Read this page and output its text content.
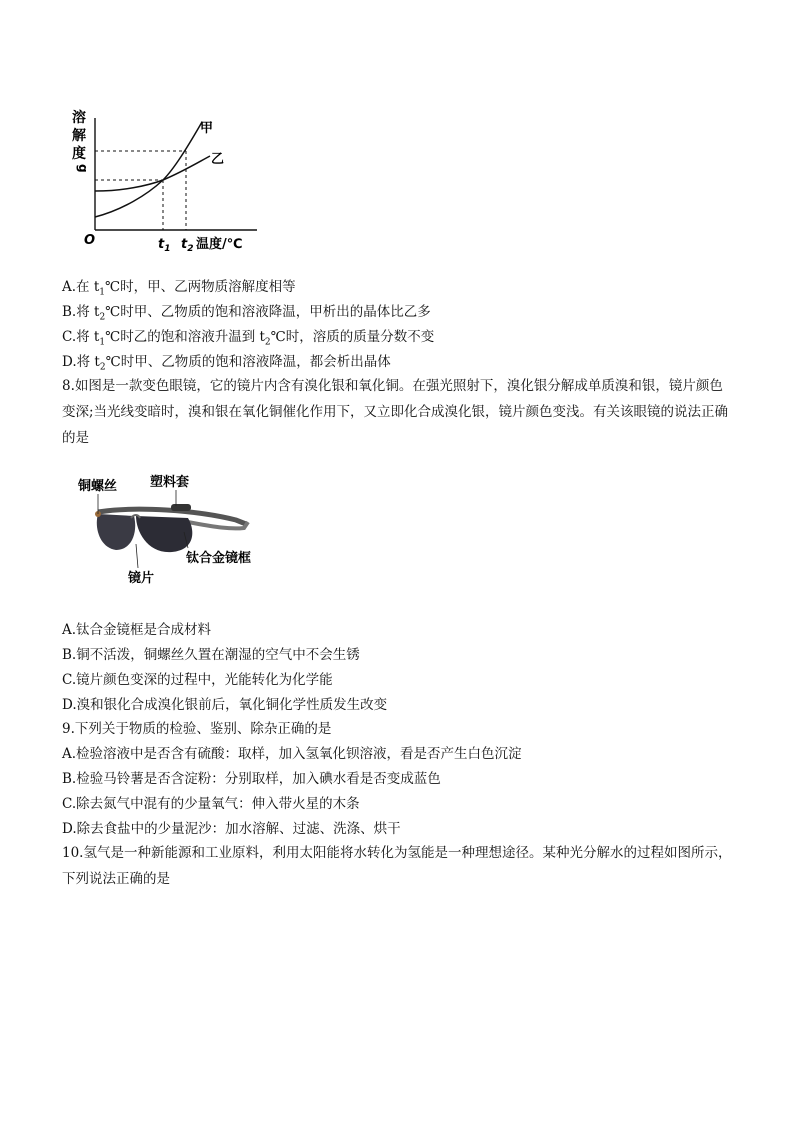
溶
解
度
g
O
甲
乙
$t_1$ $t_2$ 温度/℃
A.在 $t_1℃$时，甲、乙两物质溶解度相等
B.将 $t_2℃$时甲、乙物质的饱和溶液降温，甲析出的晶体比乙多
C.将 $t_1℃$时乙的饱和溶液升温到 $t_2℃$时，溶质的质量分数不变
D.将 $t_2℃$时甲、乙物质的饱和溶液降温，都会析出晶体
8.如图是一款变色眼镜，它的镜片内含有溴化银和氧化铜。在强光照射下，溴化银分解成单质溴和银，镜片颜色变深;当光线变暗时，溴和银在氧化铜催化作用下，又立即化合成溴化银，镜片颜色变浅。有关该眼镜的说法正确的是
铜螺丝	塑料套
钛合金镜框
镜片
A.钛合金镜框是合成材料
B.铜不活泼，铜螺丝久置在潮湿的空气中不会生锈
C.镜片颜色变深的过程中，光能转化为化学能
D.溴和银化合成溴化银前后，氧化铜化学性质发生改变
9.下列关于物质的检验、鉴别、除杂正确的是
A.检验溶液中是否含有硫酸：取样，加入氢氧化钡溶液，看是否产生白色沉淀
B.检验马铃薯是否含淀粉：分别取样，加入碘水看是否变成蓝色
C.除去氮气中混有的少量氧气：伸入带火星的木条
D.除去食盐中的少量泥沙：加水溶解、过滤、洗涤、烘干
10.氢气是一种新能源和工业原料，利用太阳能将水转化为氢能是一种理想途径。某种光分解水的过程如图所示，下列说法正确的是
